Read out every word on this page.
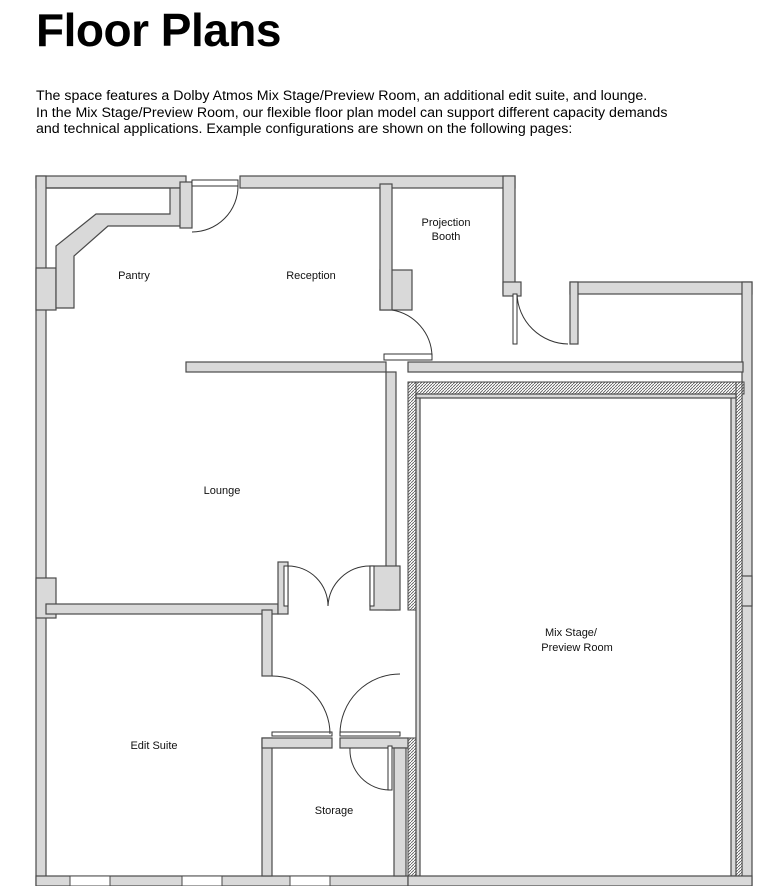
Floor Plans

The space features a Dolby Atmos Mix Stage/Preview Room, an additional edit suite, and lounge.

In the Mix Stage/Preview Room, our flexible floor plan model can support different capacity demands

and technical applications. Example configurations are shown on the following pages:

Pantry	Reception
Projection
Booth
Lounge
Mix Stage/
Preview Room
Edit Suite
Storage
